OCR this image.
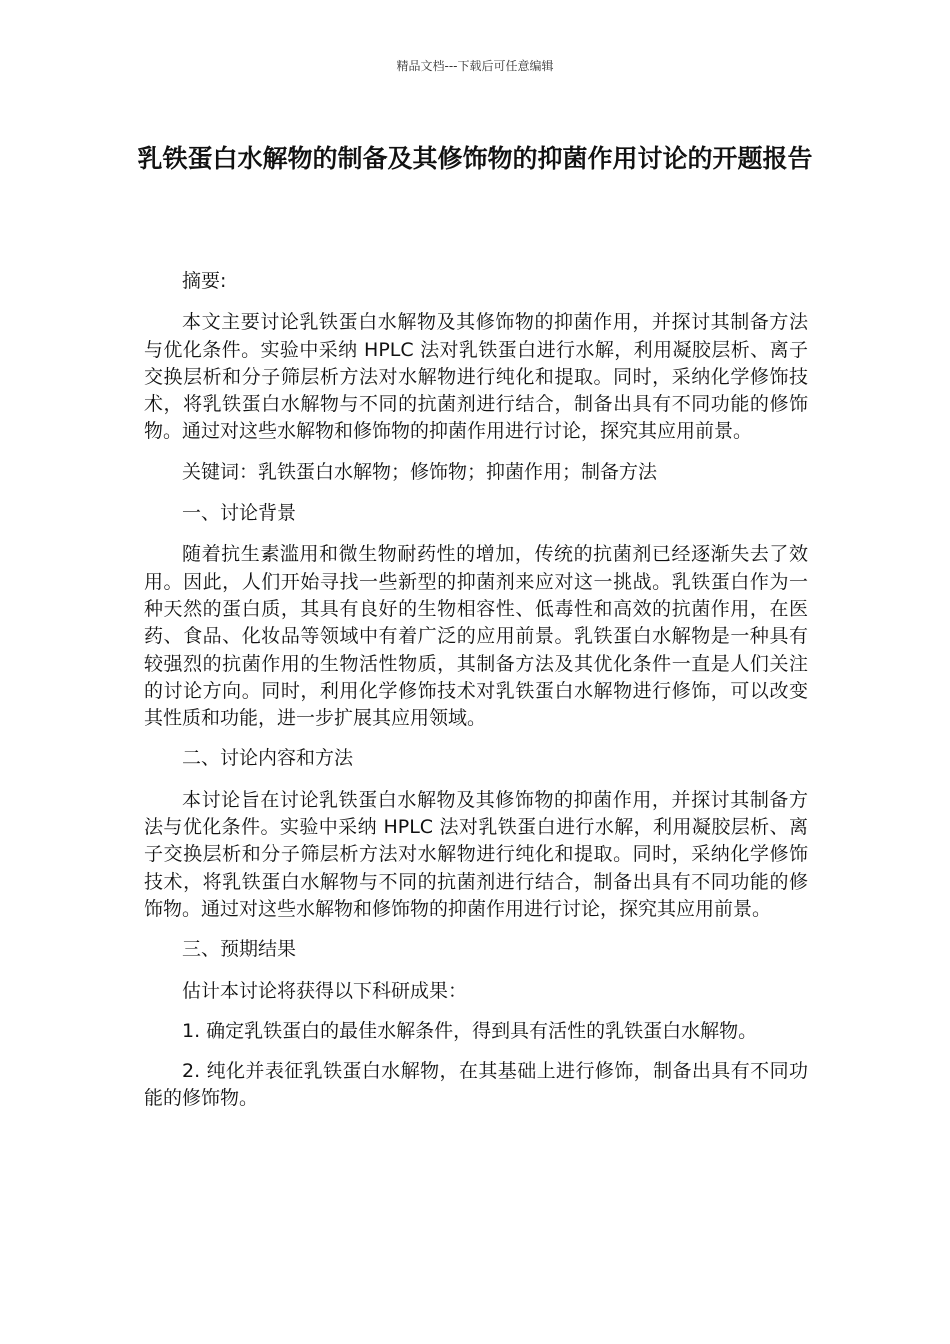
精品文档---下载后可任意编辑
乳铁蛋白水解物的制备及其修饰物的抑菌作用讨论的开题报告

摘要:

本文主要讨论乳铁蛋白水解物及其修饰物的抑菌作用，并探讨其制备方法与优化条件。实验中采纳 HPLC 法对乳铁蛋白进行水解，利用凝胶层析、离子交换层析和分子筛层析方法对水解物进行纯化和提取。同时，采纳化学修饰技术，将乳铁蛋白水解物与不同的抗菌剂进行结合，制备出具有不同功能的修饰物。通过对这些水解物和修饰物的抑菌作用进行讨论，探究其应用前景。

关键词：乳铁蛋白水解物；修饰物；抑菌作用；制备方法

一、讨论背景

随着抗生素滥用和微生物耐药性的增加，传统的抗菌剂已经逐渐失去了效用。因此，人们开始寻找一些新型的抑菌剂来应对这一挑战。乳铁蛋白作为一种天然的蛋白质，其具有良好的生物相容性、低毒性和高效的抗菌作用，在医药、食品、化妆品等领域中有着广泛的应用前景。乳铁蛋白水解物是一种具有较强烈的抗菌作用的生物活性物质，其制备方法及其优化条件一直是人们关注的讨论方向。同时，利用化学修饰技术对乳铁蛋白水解物进行修饰，可以改变其性质和功能，进一步扩展其应用领域。

二、讨论内容和方法

本讨论旨在讨论乳铁蛋白水解物及其修饰物的抑菌作用，并探讨其制备方法与优化条件。实验中采纳 HPLC 法对乳铁蛋白进行水解，利用凝胶层析、离子交换层析和分子筛层析方法对水解物进行纯化和提取。同时，采纳化学修饰技术，将乳铁蛋白水解物与不同的抗菌剂进行结合，制备出具有不同功能的修饰物。通过对这些水解物和修饰物的抑菌作用进行讨论，探究其应用前景。

三、预期结果

估计本讨论将获得以下科研成果：

1. 确定乳铁蛋白的最佳水解条件，得到具有活性的乳铁蛋白水解物。

2. 纯化并表征乳铁蛋白水解物，在其基础上进行修饰，制备出具有不同功能的修饰物。
